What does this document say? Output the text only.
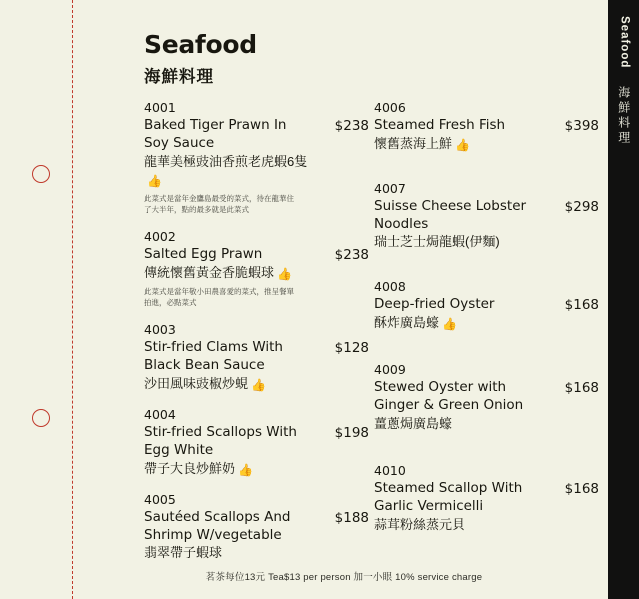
Seafood
海鮮料理
Seafood
海鮮料理
4001
Baked Tiger Prawn In Soy Sauce
龍華美極豉油香煎老虎蝦6隻👍
此菜式是當年金鷹島最受的菜式，待在龍華住了大半年，點的最多就是此菜式
$238
4002
Salted Egg Prawn
傳統懷舊黃金香脆蝦球 👍
此菜式是當年敬小田農喜愛的菜式，推呈餐單拍進，必點菜式
$238
4003
Stir-fried Clams With Black Bean Sauce
沙田風味豉椒炒蜆 👍
$128
4004
Stir-fried Scallops With Egg White
帶子大良炒鮮奶 👍
$198
4005
Sautéed Scallops And Shrimp W/vegetable
翡翠帶子蝦球
$188
4006
Steamed Fresh Fish
懷舊蒸海上鮮 👍
$398
4007
Suisse Cheese Lobster Noodles
瑞士芝士焗龍蝦(伊麵)
$298
4008
Deep-fried Oyster
酥炸廣島蠔 👍
$168
4009
Stewed Oyster with Ginger & Green Onion
薑蔥焗廣島蠔
$168
4010
Steamed Scallop With Garlic Vermicelli
蒜茸粉絲蒸元貝
$168
茗茶每位13元 Tea$13 per person 加一小眼 10% service charge
